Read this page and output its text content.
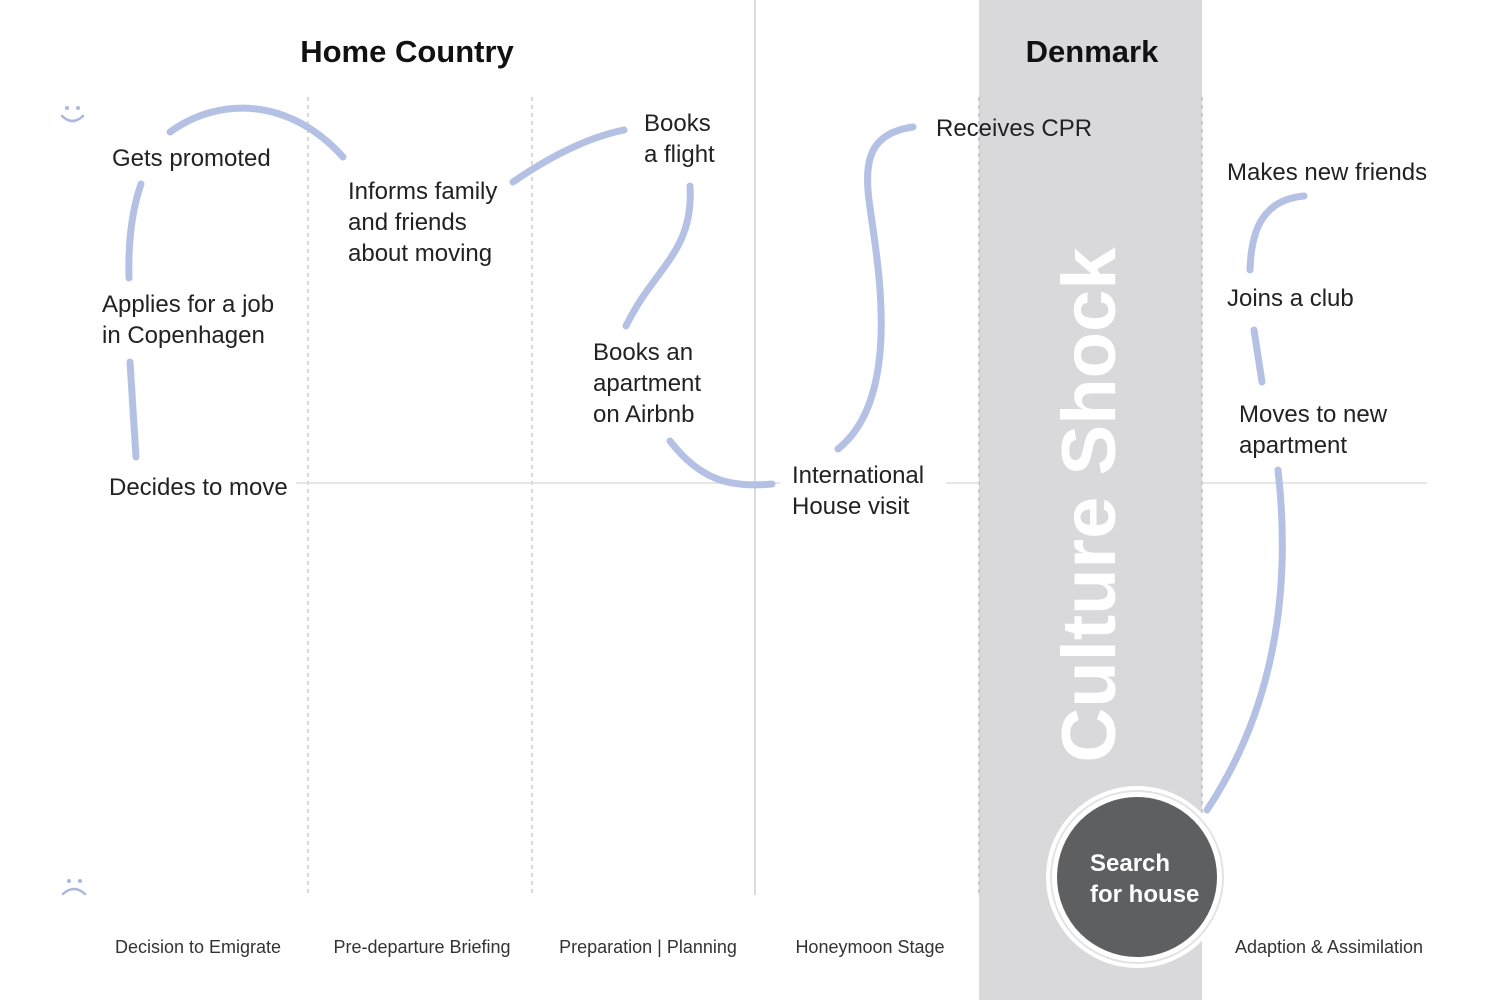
Home Country	Denmark
Culture Shock
Decides to move
Applies for a job
in Copenhagen
Gets promoted
Informs family
and friends
about moving
Books
a flight
Books an
apartment
on Airbnb
International
House visit
Receives CPR
Makes new friends
Joins a club
Moves to new
apartment
Search
for house
Decision to Emigrate	Pre-departure Briefing	Preparation | Planning	Honeymoon Stage	Adaption & Assimilation
